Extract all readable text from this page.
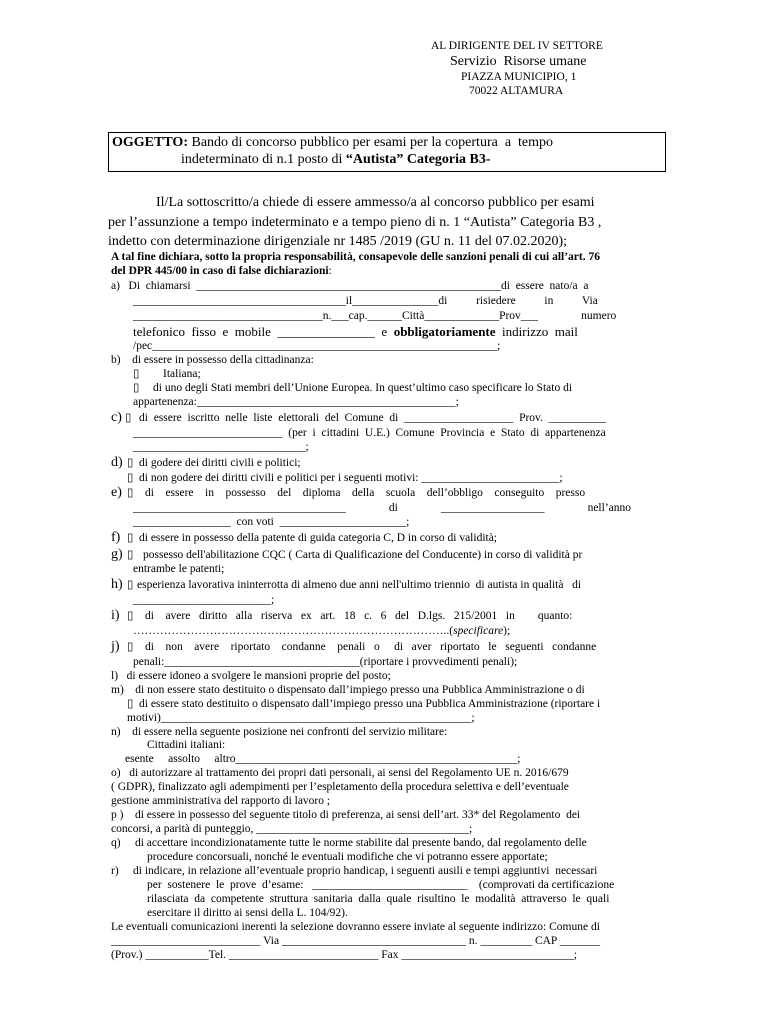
AL DIRIGENTE DEL IV SETTORE
Servizio  Risorse umane
PIAZZA MUNICIPIO, 1
70022 ALTAMURA
OGGETTO: Bando di concorso pubblico per esami per la copertura  a  tempo
indeterminato di n.1 posto di “Autista” Categoria B3-
Il/La sottoscritto/a chiede di essere ammesso/a al concorso pubblico per esami
per l’assunzione a tempo indeterminato e a tempo pieno di n. 1 “Autista” Categoria B3 ,
indetto con determinazione dirigenziale nr 1485 /2019 (GU n. 11 del 07.02.2020);
A tal fine dichiara, sotto la propria responsabilità, consapevole delle sanzioni penali di cui all’art. 76
del DPR 445/00 in caso di false dichiarazioni:
a)   Di  chiamarsi  _____________________________________________________di  essere  nato/a  a
_____________________________________il_______________di          risiedere          in          Via
_________________________________n.___cap.______Città_____________Prov___               numero
telefonico  fisso  e  mobile  _______________  e  obbligatoriamente  indirizzo  mail
/pec____________________________________________________________;
b)    di essere in possesso della cittadinanza:
▯ Italiana;
▯ di uno degli Stati membri dell’Unione Europea. In quest’ultimo caso specificare lo Stato di
appartenenza:_____________________________________________;
c) ▯ di  essere  iscritto  nelle  liste  elettorali  del  Comune  di  ___________________  Prov.  __________
__________________________  (per  i  cittadini  U.E.)  Comune  Provincia  e  Stato  di  appartenenza
______________________________;
d) ▯ di godere dei diritti civili e politici;
▯ di non godere dei diritti civili e politici per i seguenti motivi: ________________________;
e) ▯ di    essere    in    possesso    del    diploma    della    scuola    dell’obbligo    conseguito    presso
_____________________________________               di               __________________               nell’anno
_________________  con voti  ______________________;
f) ▯ di essere in possesso della patente di guida categoria C, D in corso di validità;
g) ▯ possesso dell'abilitazione CQC ( Carta di Qualificazione del Conducente) in corso di validità pr
entrambe le patenti;
h) ▯ esperienza lavorativa ininterrotta di almeno due anni nell'ultimo triennio  di autista in qualità   di
________________________;
i) ▯ di    avere   diritto   alla   riserva   ex   art.   18   c.   6   del   D.lgs.   215/2001   in        quanto:
………………………………………………………………………..(specificare);
j) ▯ di    non    avere    riportato    condanne    penali   o     di   aver   riportato   le   seguenti   condanne
penali:__________________________________(riportare i provvedimenti penali);
l)   di essere idoneo a svolgere le mansioni proprie del posto;
m)    di non essere stato destituito o dispensato dall’impiego presso una Pubblica Amministrazione o di
▯ di essere stato destituito o dispensato dall’impiego presso una Pubblica Amministrazione (riportare i
motivi)______________________________________________________;
n)    di essere nella seguente posizione nei confronti del servizio militare:
Cittadini italiani:
esente     assolto     altro_________________________________________________;
o)   di autorizzare al trattamento dei propri dati personali, ai sensi del Regolamento UE n. 2016/679
( GDPR), finalizzato agli adempimenti per l’espletamento della procedura selettiva e dell’eventuale
gestione amministrativa del rapporto di lavoro ;
p )    di essere in possesso del seguente titolo di preferenza, ai sensi dell’art. 33* del Regolamento  dei
concorsi, a parità di punteggio, _____________________________________;
q)     di accettare incondizionatamente tutte le norme stabilite dal presente bando, dal regolamento delle
procedure concorsuali, nonché le eventuali modifiche che vi potranno essere apportate;
r)     di indicare, in relazione all’eventuale proprio handicap, i seguenti ausili e tempi aggiuntivi  necessari
per  sostenere  le  prove  d’esame:   ___________________________    (comprovati da certificazione
rilasciata  da  competente  struttura  sanitaria  dalla  quale  risultino  le  modalità  attraverso  le  quali
esercitare il diritto ai sensi della L. 104/92).
Le eventuali comunicazioni inerenti la selezione dovranno essere inviate al seguente indirizzo: Comune di
__________________________ Via ________________________________ n. _________ CAP _______
(Prov.) ___________Tel. __________________________ Fax ______________________________;
